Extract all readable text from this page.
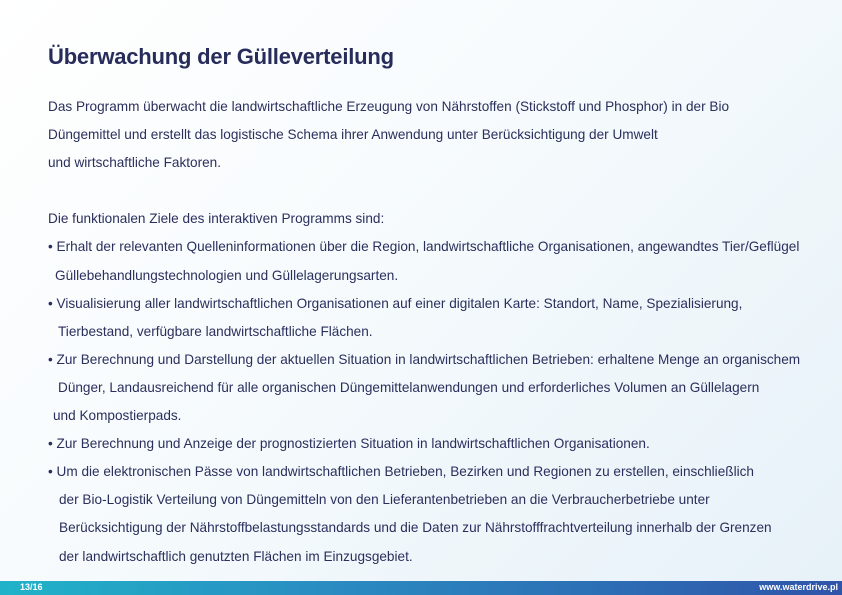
Überwachung der Gülleverteilung
Das Programm überwacht die landwirtschaftliche Erzeugung von Nährstoffen (Stickstoff und Phosphor) in der Bio
Düngemittel und erstellt das logistische Schema ihrer Anwendung unter Berücksichtigung der Umwelt
und wirtschaftliche Faktoren.
Die funktionalen Ziele des interaktiven Programms sind:
• Erhalt der relevanten Quelleninformationen über die Region, landwirtschaftliche Organisationen, angewandtes Tier/Geflügel
Güllebehandlungstechnologien und Güllelagerungsarten.
• Visualisierung aller landwirtschaftlichen Organisationen auf einer digitalen Karte: Standort, Name, Spezialisierung,
Tierbestand, verfügbare landwirtschaftliche Flächen.
• Zur Berechnung und Darstellung der aktuellen Situation in landwirtschaftlichen Betrieben: erhaltene Menge an organischem
Dünger, Landausreichend für alle organischen Düngemittelanwendungen und erforderliches Volumen an Güllelagern
und Kompostierpads.
• Zur Berechnung und Anzeige der prognostizierten Situation in landwirtschaftlichen Organisationen.
• Um die elektronischen Pässe von landwirtschaftlichen Betrieben, Bezirken und Regionen zu erstellen, einschließlich
der Bio-Logistik Verteilung von Düngemitteln von den Lieferantenbetrieben an die Verbraucherbetriebe unter
Berücksichtigung der Nährstoffbelastungsstandards und die Daten zur Nährstofffrachtverteilung innerhalb der Grenzen
der landwirtschaftlich genutzten Flächen im Einzugsgebiet.
13/16	www.waterdrive.pl
